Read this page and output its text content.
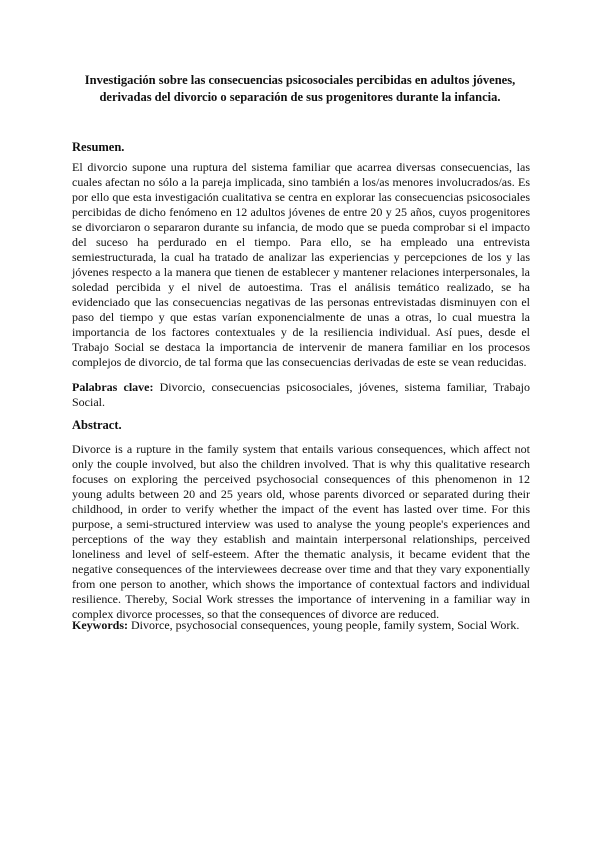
Investigación sobre las consecuencias psicosociales percibidas en adultos jóvenes, derivadas del divorcio o separación de sus progenitores durante la infancia.
Resumen.

El divorcio supone una ruptura del sistema familiar que acarrea diversas consecuencias, las cuales afectan no sólo a la pareja implicada, sino también a los/as menores involucrados/as. Es por ello que esta investigación cualitativa se centra en explorar las consecuencias psicosociales percibidas de dicho fenómeno en 12 adultos jóvenes de entre 20 y 25 años, cuyos progenitores se divorciaron o separaron durante su infancia, de modo que se pueda comprobar si el impacto del suceso ha perdurado en el tiempo. Para ello, se ha empleado una entrevista semiestructurada, la cual ha tratado de analizar las experiencias y percepciones de los y las jóvenes respecto a la manera que tienen de establecer y mantener relaciones interpersonales, la soledad percibida y el nivel de autoestima. Tras el análisis temático realizado, se ha evidenciado que las consecuencias negativas de las personas entrevistadas disminuyen con el paso del tiempo y que estas varían exponencialmente de unas a otras, lo cual muestra la importancia de los factores contextuales y de la resiliencia individual. Así pues, desde el Trabajo Social se destaca la importancia de intervenir de manera familiar en los procesos complejos de divorcio, de tal forma que las consecuencias derivadas de este se vean reducidas.

Palabras clave: Divorcio, consecuencias psicosociales, jóvenes, sistema familiar, Trabajo Social.

Abstract.

Divorce is a rupture in the family system that entails various consequences, which affect not only the couple involved, but also the children involved. That is why this qualitative research focuses on exploring the perceived psychosocial consequences of this phenomenon in 12 young adults between 20 and 25 years old, whose parents divorced or separated during their childhood, in order to verify whether the impact of the event has lasted over time. For this purpose, a semi-structured interview was used to analyse the young people's experiences and perceptions of the way they establish and maintain interpersonal relationships, perceived loneliness and level of self-esteem. After the thematic analysis, it became evident that the negative consequences of the interviewees decrease over time and that they vary exponentially from one person to another, which shows the importance of contextual factors and individual resilience. Thereby, Social Work stresses the importance of intervening in a familiar way in complex divorce processes, so that the consequences of divorce are reduced.

Keywords: Divorce, psychosocial consequences, young people, family system, Social Work.
